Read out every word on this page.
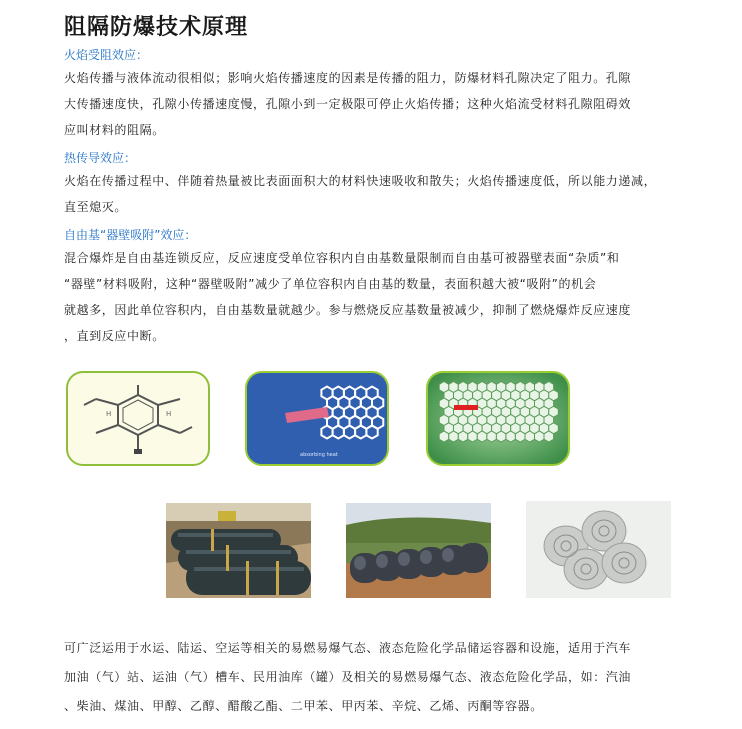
阻隔防爆技术原理
火焰受阻效应：
火焰传播与液体流动很相似；影响火焰传播速度的因素是传播的阻力，防爆材料孔隙决定了阻力。孔隙
大传播速度快，孔隙小传播速度慢，孔隙小到一定极限可停止火焰传播；这种火焰流受材料孔隙阻碍效
应叫材料的阻隔。
热传导效应：
火焰在传播过程中、伴随着热量被比表面面积大的材料快速吸收和散失；火焰传播速度低，所以能力递减，
直至熄灭。
自由基“器壁吸附”效应：
混合爆炸是自由基连锁反应，反应速度受单位容积内自由基数量限制而自由基可被器壁表面“杂质”和
“器壁”材料吸附，这种“器壁吸附”减少了单位容积内自由基的数量，表面积越大被“吸附”的机会
就越多，因此单位容积内，自由基数量就越少。参与燃烧反应基数量被减少，抑制了燃烧爆炸反应速度
，直到反应中断。
H	H
absorbing heat
可广泛运用于水运、陆运、空运等相关的易燃易爆气态、液态危险化学品储运容器和设施，适用于汽车
加油（气）站、运油（气）槽车、民用油库（罐）及相关的易燃易爆气态、液态危险化学品，如：汽油
、柴油、煤油、甲醇、乙醇、醋酸乙酯、二甲苯、甲丙苯、辛烷、乙烯、丙酮等容器。
